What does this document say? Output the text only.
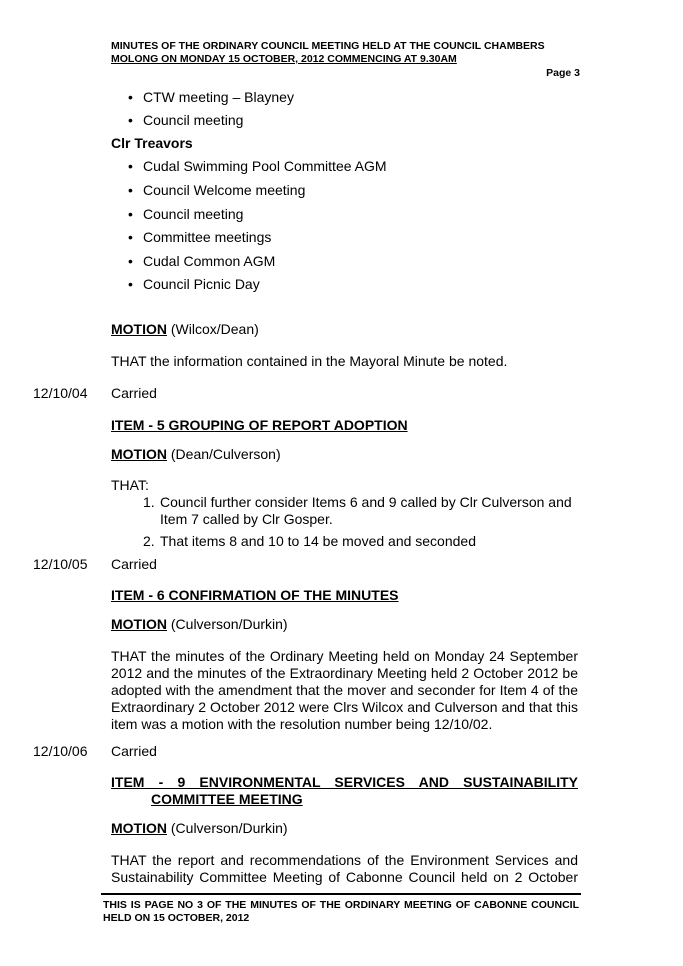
MINUTES OF THE ORDINARY COUNCIL MEETING HELD AT THE COUNCIL CHAMBERS
MOLONG ON MONDAY 15 OCTOBER, 2012 COMMENCING AT 9.30AM
Page 3
• CTW meeting – Blayney
• Council meeting
Clr Treavors
• Cudal Swimming Pool Committee AGM
• Council Welcome meeting
• Council meeting
• Committee meetings
• Cudal Common AGM
• Council Picnic Day
MOTION (Wilcox/Dean)
THAT the information contained in the Mayoral Minute be noted.
12/10/04 Carried
ITEM - 5 GROUPING OF REPORT ADOPTION
MOTION (Dean/Culverson)
THAT:
1. Council further consider Items 6 and 9 called by Clr Culverson and
Item 7 called by Clr Gosper.
2. That items 8 and 10 to 14 be moved and seconded
12/10/05 Carried
ITEM - 6 CONFIRMATION OF THE MINUTES
MOTION (Culverson/Durkin)
THAT the minutes of the Ordinary Meeting held on Monday 24 September 2012 and the minutes of the Extraordinary Meeting held 2 October 2012 be adopted with the amendment that the mover and seconder for Item 4 of the Extraordinary 2 October 2012 were Clrs Wilcox and Culverson and that this item was a motion with the resolution number being 12/10/02.
12/10/06 Carried
ITEM - 9 ENVIRONMENTAL SERVICES AND SUSTAINABILITY
COMMITTEE MEETING
MOTION (Culverson/Durkin)
THAT the report and recommendations of the Environment Services and Sustainability Committee Meeting of Cabonne Council held on 2 October
THIS IS PAGE NO 3 OF THE MINUTES OF THE ORDINARY MEETING OF CABONNE COUNCIL HELD ON 15 OCTOBER, 2012
